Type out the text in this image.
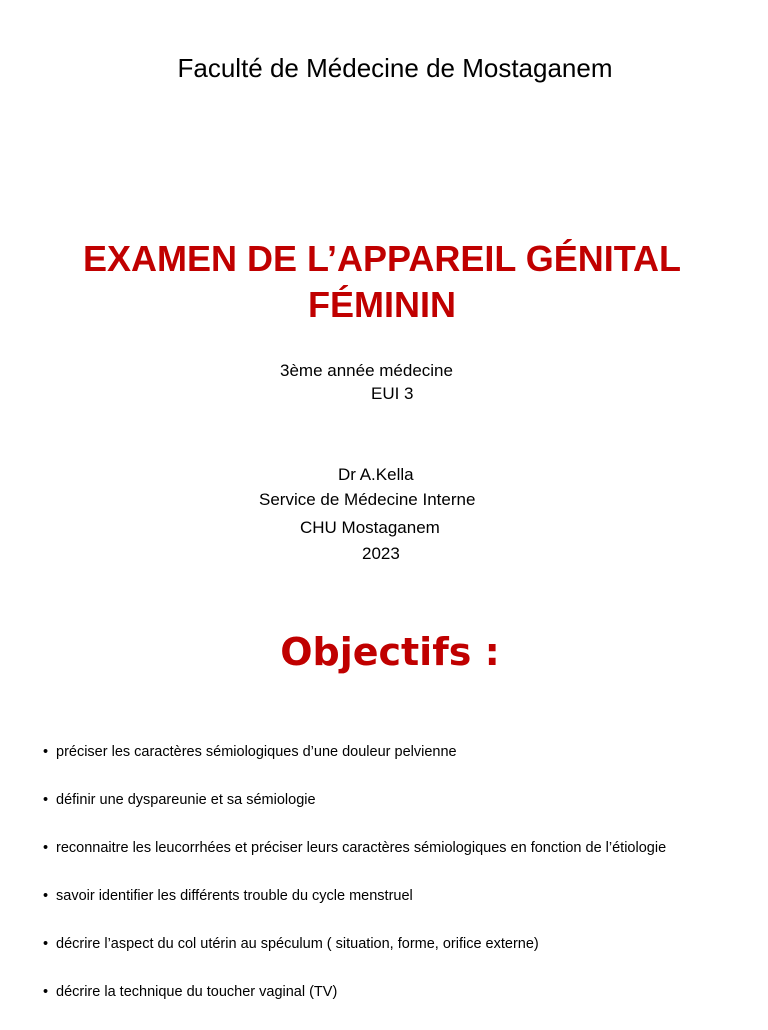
Faculté de Médecine de Mostaganem
EXAMEN DE L’APPAREIL GÉNITAL
FÉMININ
3ème année médecine
EUI 3
Dr A.Kella
Service de Médecine Interne
CHU Mostaganem
2023
Objectifs :
• préciser les caractères sémiologiques d’une douleur pelvienne
• définir une dyspareunie et sa sémiologie
• reconnaitre les leucorrhées et préciser leurs caractères sémiologiques en fonction de l’étiologie
• savoir identifier les différents trouble du cycle menstruel
• décrire l’aspect du col utérin au spéculum ( situation, forme, orifice externe)
• décrire la technique du toucher vaginal (TV)
